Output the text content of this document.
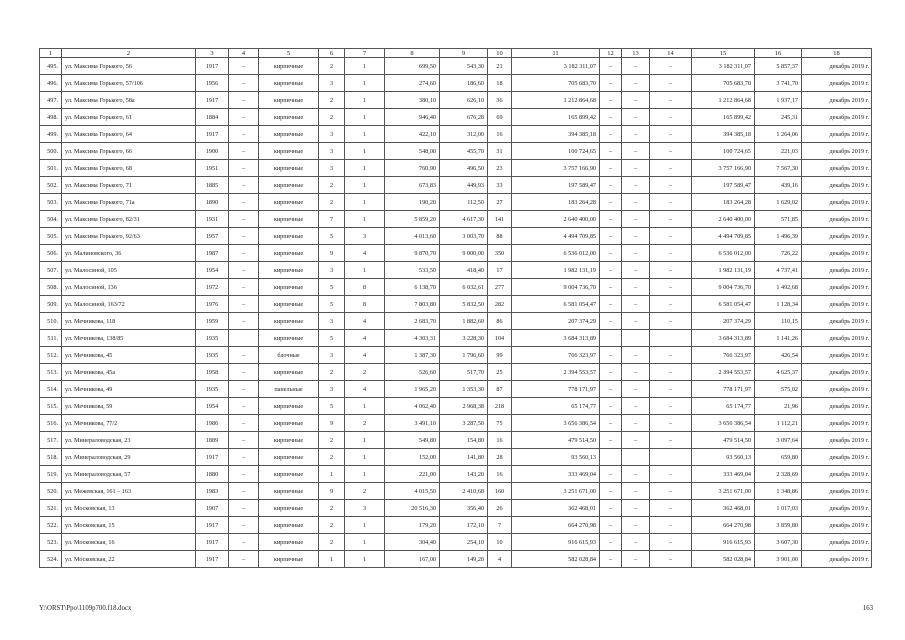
1	2	3	4	5	6	7	8	9	10	11	12	13	14	15	16	18
495.	ул. Максима Горького, 56	1917	–	кирпичные	2	1	699,50	543,30	21	3 182 311,07	–	–	–	3 182 311,07	5 857,37	декабрь 2019 г.
496.	ул. Максима Горького, 57/106	1956	–	кирпичные	3	1	274,60	186,60	18	705 683,70	–	–	–	705 683,70	3 741,70	декабрь 2019 г.
497.	ул. Максима Горького, 58а	1917	–	кирпичные	2	1	380,10	626,10	36	1 212 864,68	–	–	–	1 212 864,68	1 937,17	декабрь 2019 г.
498.	ул. Максима Горького, 61	1884	–	кирпичные	2	1	946,40	676,28	69	165 899,42	–	–	–	165 899,42	245,31	декабрь 2019 г.
499.	ул. Максима Горького, 64	1917	–	кирпичные	3	1	422,10	312,00	16	394 385,18	–	–	–	394 385,18	1 264,06	декабрь 2019 г.
500.	ул. Максима Горького, 66	1900	–	кирпичные	3	1	548,00	455,70	31	100 724,65	–	–	–	100 724,65	221,03	декабрь 2019 г.
501.	ул. Максима Горького, 68	1951	–	кирпичные	3	1	760,90	496,50	23	3 757 166,90	–	–	–	3 757 166,90	7 567,30	декабрь 2019 г.
502.	ул. Максима Горького, 71	1885	–	кирпичные	2	1	673,83	449,93	33	197 589,47	–	–	–	197 589,47	439,16	декабрь 2019 г.
503.	ул. Максима Горького, 71а	1890	–	кирпичные	2	1	190,20	112,50	27	183 264,28	–	–	–	183 264,28	1 629,02	декабрь 2019 г.
504.	ул. Максима Горького, 82/31	1931	–	кирпичные	7	1	5 859,20	4 617,30	141	2 640 400,00	–	–	–	2 640 400,00	571,85	декабрь 2019 г.
505.	ул. Максима Горького, 92/63	1957	–	кирпичные	5	3	4 013,60	3 003,70	88	4 494 709,85	–	–	–	4 494 709,85	1 496,39	декабрь 2019 г.
506.	ул. Малиновского, 36	1987	–	кирпичные	9	4	9 870,70	9 000,00	350	6 536 012,00	–	–	–	6 536 012,00	726,22	декабрь 2019 г.
507.	ул. Малосиной, 105	1954	–	кирпичные	3	1	533,50	418,40	17	1 982 131,19	–	–	–	1 982 131,19	4 737,41	декабрь 2019 г.
508.	ул. Малосиной, 136	1972	–	кирпичные	5	8	6 138,70	6 032,61	277	9 004 736,70	–	–	–	9 004 736,70	1 492,68	декабрь 2019 г.
509.	ул. Малосиной, 163/72	1976	–	кирпичные	5	8	7 803,80	5 832,50	282	6 581 054,47	–	–	–	6 581 054,47	1 128,34	декабрь 2019 г.
510.	ул. Мечникова, 118	1959	–	кирпичные	3	4	2 683,70	1 882,60	86	207 374,29	–	–	–	207 374,29	110,15	декабрь 2019 г.
511.	ул. Мечникова, 138/85	1935		кирпичные	5	4	4 303,31	3 228,30	104	3 684 313,89				3 684 313,89	1 141,26	декабрь 2019 г.
512.	ул. Мечникова, 45	1935	–	блочные	3	4	1 387,30	1 796,60	99	766 323,97	–	–	–	766 323,97	426,54	декабрь 2019 г.
513.	ул. Мечникова, 45а	1958	–	кирпичные	2	2	526,60	517,70	25	2 394 553,57	–	–	–	2 394 553,57	4 625,37	декабрь 2019 г.
514.	ул. Мечникова, 49	1935	–	панельные	3	4	1 965,20	1 353,30	87	778 171,97	–	–	–	778 171,97	575,02	декабрь 2019 г.
515.	ул. Мечникова, 59	1954	–	кирпичные	5	1	4 062,40	2 968,38	218	65 174,77	–	–	–	65 174,77	21,96	декабрь 2019 г.
516.	ул. Мечникова, 77/2	1986	–	кирпичные	9	2	3 491,10	3 287,50	75	3 656 386,54	–	–	–	3 656 386,54	1 112,21	декабрь 2019 г.
517.	ул. Минераловодская, 23	1889	–	кирпичные	2	1	549,80	154,80	16	479 514,50	–	–	–	479 514,50	3 097,64	декабрь 2019 г.
518.	ул. Минераловодская, 29	1917	–	кирпичные	2	1	152,00	141,80	28	93 560,13				93 560,13	659,80	декабрь 2019 г.
519.	ул. Минераловодская, 57	1880	–	кирпичные	1	1	221,00	143,20	16	333 469,04	–	–	–	333 469,04	2 328,69	декабрь 2019 г.
520.	ул. Межевская, 161 – 163	1983	–	кирпичные	9	2	4 015,50	2 410,68	160	3 251 671,00	–	–	–	3 251 671,00	1 348,86	декабрь 2019 г.
521.	ул. Московская, 13	1907	–	кирпичные	2	3	20 516,30	356,40	26	362 468,01	–	–	–	362 468,01	1 017,03	декабрь 2019 г.
522.	ул. Московская, 15	1917	–	кирпичные	2	1	179,20	172,10	7	664 270,98	–	–	–	664 270,98	3 859,80	декабрь 2019 г.
523.	ул. Московская, 16	1917	–	кирпичные	2	1	304,40	254,10	10	916 615,93	–	–	–	916 615,93	3 607,30	декабрь 2019 г.
524.	ул. Московская, 22	1917	–	кирпичные	1	1	167,00	149,20	4	582 028,84	–	–	–	582 028,84	3 901,00	декабрь 2019 г.
Y:\ORST\Ppo\1109p700.f18.docx	163
